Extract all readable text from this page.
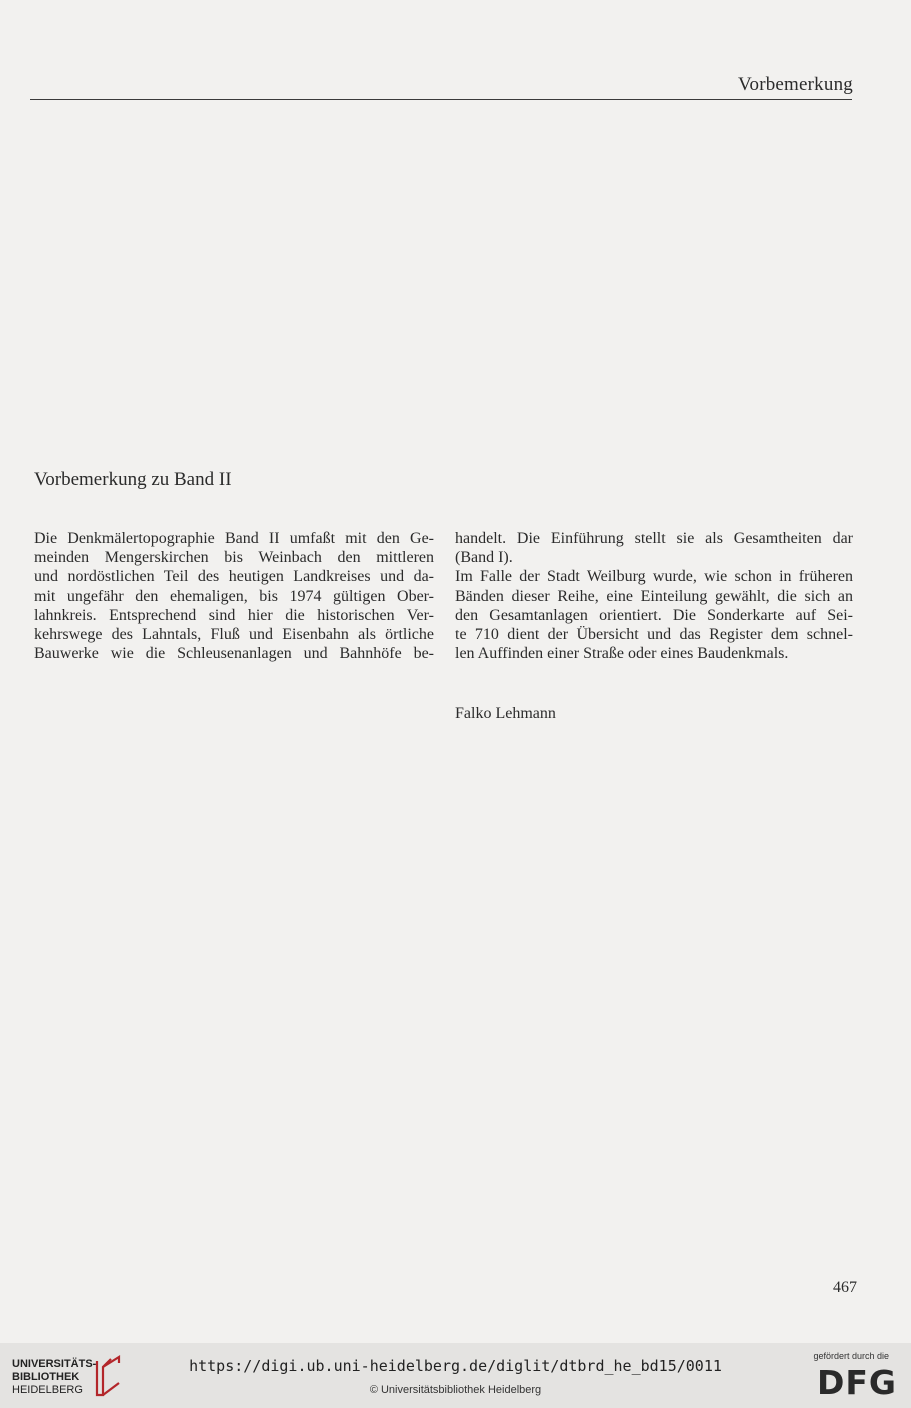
Vorbemerkung
Vorbemerkung zu Band II
Die Denkmälertopographie Band II umfaßt mit den Ge-
meinden Mengerskirchen bis Weinbach den mittleren
und nordöstlichen Teil des heutigen Landkreises und da-
mit ungefähr den ehemaligen, bis 1974 gültigen Ober-
lahnkreis. Entsprechend sind hier die historischen Ver-
kehrswege des Lahntals, Fluß und Eisenbahn als örtliche
Bauwerke wie die Schleusenanlagen und Bahnhöfe be-
handelt. Die Einführung stellt sie als Gesamtheiten dar
(Band I).
Im Falle der Stadt Weilburg wurde, wie schon in früheren
Bänden dieser Reihe, eine Einteilung gewählt, die sich an
den Gesamtanlagen orientiert. Die Sonderkarte auf Sei-
te 710 dient der Übersicht und das Register dem schnel-
len Auffinden einer Straße oder eines Baudenkmals.
Falko Lehmann
467
UNIVERSITÄTS-
BIBLIOTHEK
HEIDELBERG
https://digi.ub.uni-heidelberg.de/diglit/dtbrd_he_bd15/0011
© Universitätsbibliothek Heidelberg
gefördert durch die
DFG
